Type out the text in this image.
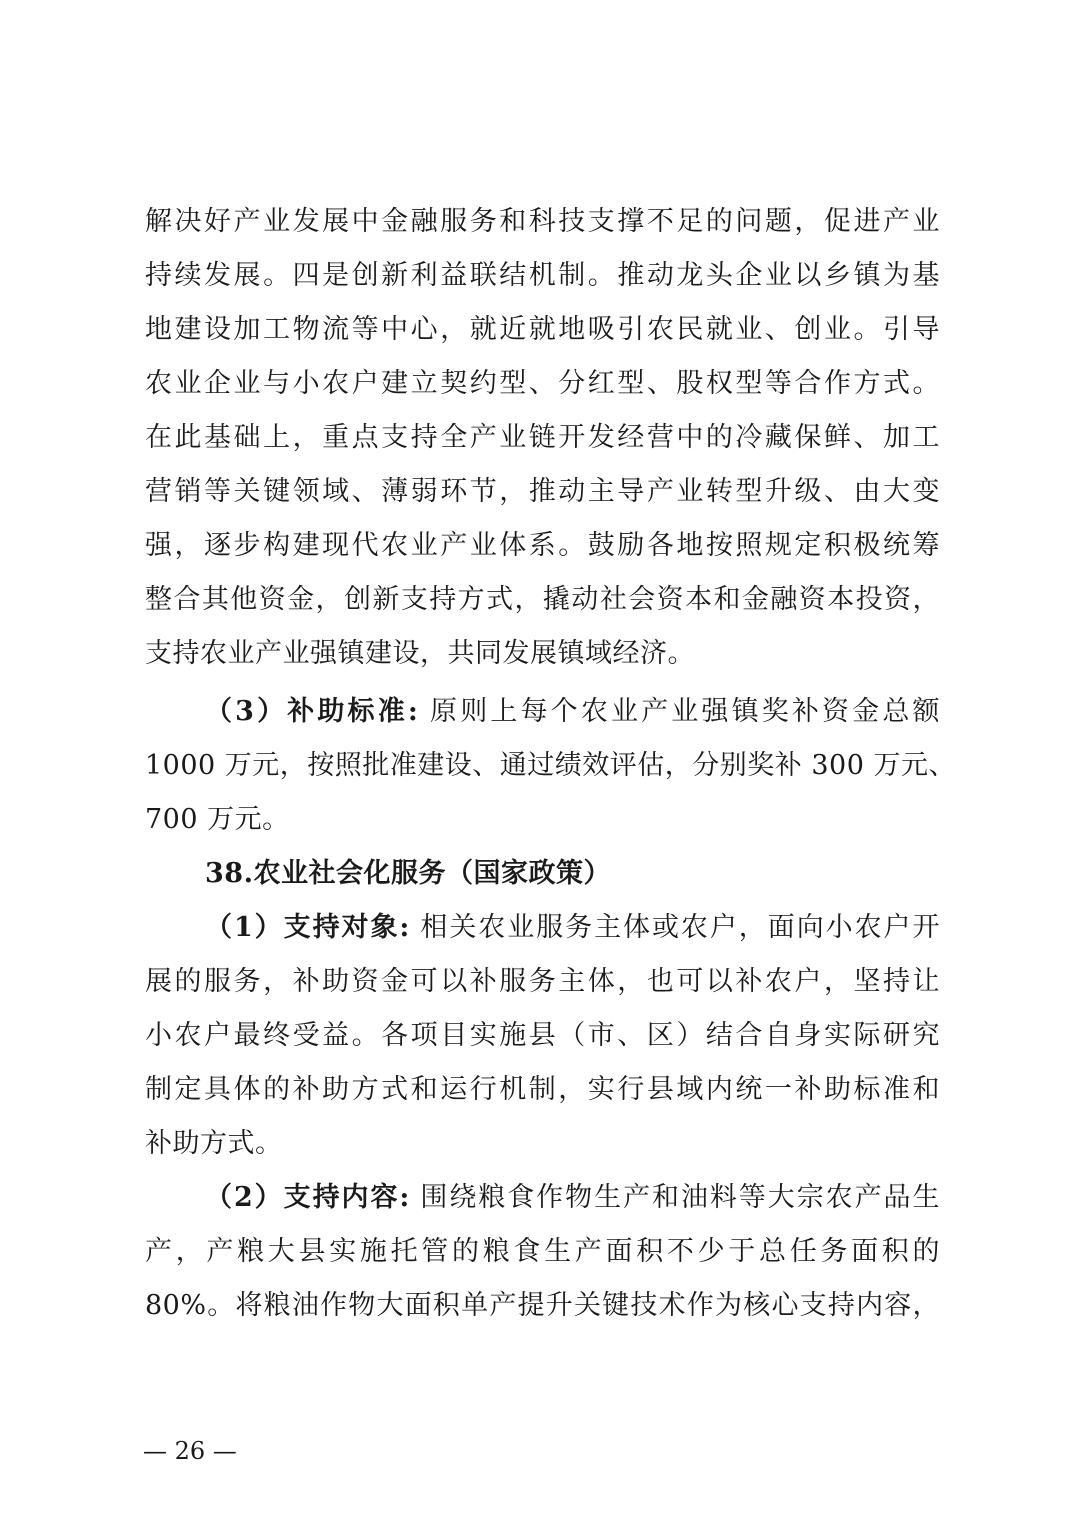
解决好产业发展中金融服务和科技支撑不足的问题，促进产业
持续发展。四是创新利益联结机制。推动龙头企业以乡镇为基
地建设加工物流等中心，就近就地吸引农民就业、创业。引导
农业企业与小农户建立契约型、分红型、股权型等合作方式。
在此基础上，重点支持全产业链开发经营中的冷藏保鲜、加工
营销等关键领域、薄弱环节，推动主导产业转型升级、由大变
强，逐步构建现代农业产业体系。鼓励各地按照规定积极统筹
整合其他资金，创新支持方式，撬动社会资本和金融资本投资，
支持农业产业强镇建设，共同发展镇域经济。
（3）补助标准: 原则上每个农业产业强镇奖补资金总额
1000 万元，按照批准建设、通过绩效评估，分别奖补 300 万元、
700 万元。
38.农业社会化服务（国家政策）
（1）支持对象: 相关农业服务主体或农户，面向小农户开
展的服务，补助资金可以补服务主体，也可以补农户，坚持让
小农户最终受益。各项目实施县（市、区）结合自身实际研究
制定具体的补助方式和运行机制，实行县域内统一补助标准和
补助方式。
（2）支持内容: 围绕粮食作物生产和油料等大宗农产品生
产，产粮大县实施托管的粮食生产面积不少于总任务面积的
80%。将粮油作物大面积单产提升关键技术作为核心支持内容，
— 26 —
